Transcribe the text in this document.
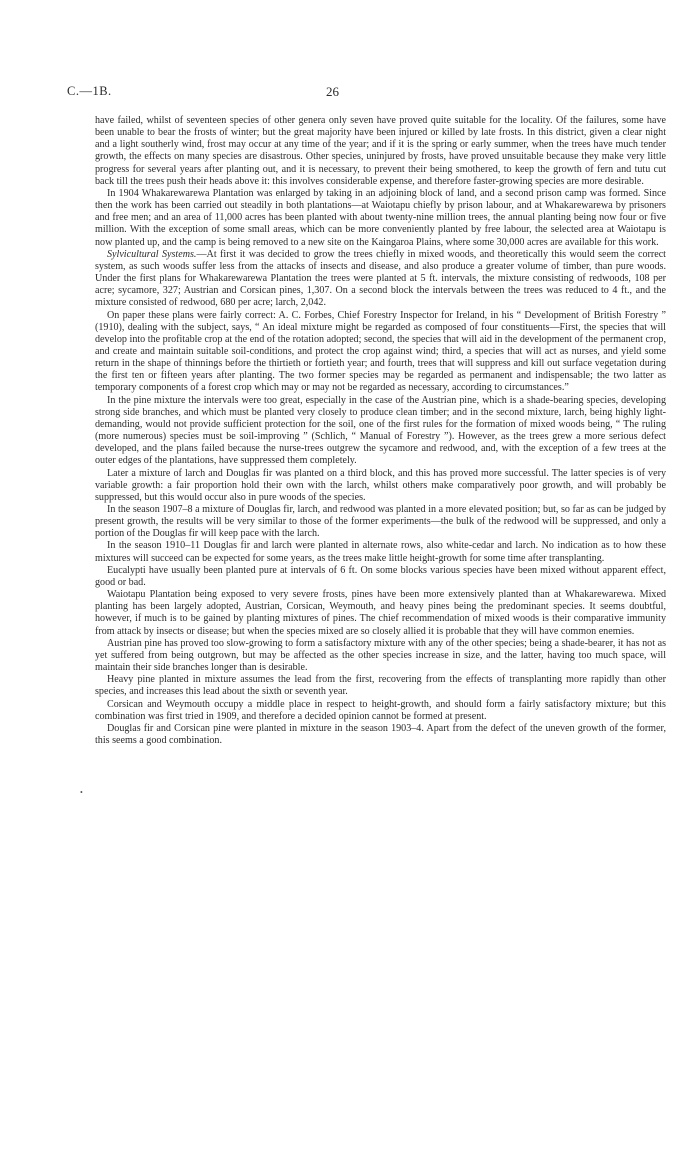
C.—1B.	26
•

have failed, whilst of seventeen species of other genera only seven have proved quite suitable for the locality. Of the failures, some have been unable to bear the frosts of winter; but the great majority have been injured or killed by late frosts. In this district, given a clear night and a light southerly wind, frost may occur at any time of the year; and if it is the spring or early summer, when the trees have much tender growth, the effects on many species are disastrous. Other species, uninjured by frosts, have proved unsuitable because they make very little progress for several years after planting out, and it is necessary, to prevent their being smothered, to keep the growth of fern and tutu cut back till the trees push their heads above it: this involves considerable expense, and therefore faster-growing species are more desirable.

In 1904 Whakarewarewa Plantation was enlarged by taking in an adjoining block of land, and a second prison camp was formed. Since then the work has been carried out steadily in both plantations—at Waiotapu chiefly by prison labour, and at Whakarewarewa by prisoners and free men; and an area of 11,000 acres has been planted with about twenty-nine million trees, the annual planting being now four or five million. With the exception of some small areas, which can be more conveniently planted by free labour, the selected area at Waiotapu is now planted up, and the camp is being removed to a new site on the Kaingaroa Plains, where some 30,000 acres are available for this work.

Sylvicultural Systems.—At first it was decided to grow the trees chiefly in mixed woods, and theoretically this would seem the correct system, as such woods suffer less from the attacks of insects and disease, and also produce a greater volume of timber, than pure woods. Under the first plans for Whakarewarewa Plantation the trees were planted at 5 ft. intervals, the mixture consisting of redwoods, 108 per acre; sycamore, 327; Austrian and Corsican pines, 1,307. On a second block the intervals between the trees was reduced to 4 ft., and the mixture consisted of redwood, 680 per acre; larch, 2,042.

On paper these plans were fairly correct: A. C. Forbes, Chief Forestry Inspector for Ireland, in his “ Development of British Forestry ” (1910), dealing with the subject, says, “ An ideal mixture might be regarded as composed of four constituents—First, the species that will develop into the profitable crop at the end of the rotation adopted; second, the species that will aid in the development of the permanent crop, and create and maintain suitable soil-conditions, and protect the crop against wind; third, a species that will act as nurses, and yield some return in the shape of thinnings before the thirtieth or fortieth year; and fourth, trees that will suppress and kill out surface vegetation during the first ten or fifteen years after planting. The two former species may be regarded as permanent and indispensable; the two latter as temporary components of a forest crop which may or may not be regarded as necessary, according to circumstances.”

In the pine mixture the intervals were too great, especially in the case of the Austrian pine, which is a shade-bearing species, developing strong side branches, and which must be planted very closely to produce clean timber; and in the second mixture, larch, being highly light-demanding, would not provide sufficient protection for the soil, one of the first rules for the formation of mixed woods being, “ The ruling (more numerous) species must be soil-improving ” (Schlich, “ Manual of Forestry ”). However, as the trees grew a more serious defect developed, and the plans failed because the nurse-trees outgrew the sycamore and redwood, and, with the exception of a few trees at the outer edges of the plantations, have suppressed them completely.

Later a mixture of larch and Douglas fir was planted on a third block, and this has proved more successful. The latter species is of very variable growth: a fair proportion hold their own with the larch, whilst others make comparatively poor growth, and will probably be suppressed, but this would occur also in pure woods of the species.

In the season 1907–8 a mixture of Douglas fir, larch, and redwood was planted in a more elevated position; but, so far as can be judged by present growth, the results will be very similar to those of the former experiments—the bulk of the redwood will be suppressed, and only a portion of the Douglas fir will keep pace with the larch.

In the season 1910–11 Douglas fir and larch were planted in alternate rows, also white-cedar and larch. No indication as to how these mixtures will succeed can be expected for some years, as the trees make little height-growth for some time after transplanting.

Eucalypti have usually been planted pure at intervals of 6 ft. On some blocks various species have been mixed without apparent effect, good or bad.

Waiotapu Plantation being exposed to very severe frosts, pines have been more extensively planted than at Whakarewarewa. Mixed planting has been largely adopted, Austrian, Corsican, Weymouth, and heavy pines being the predominant species. It seems doubtful, however, if much is to be gained by planting mixtures of pines. The chief recommendation of mixed woods is their comparative immunity from attack by insects or disease; but when the species mixed are so closely allied it is probable that they will have common enemies.

Austrian pine has proved too slow-growing to form a satisfactory mixture with any of the other species; being a shade-bearer, it has not as yet suffered from being outgrown, but may be affected as the other species increase in size, and the latter, having too much space, will maintain their side branches longer than is desirable.

Heavy pine planted in mixture assumes the lead from the first, recovering from the effects of transplanting more rapidly than other species, and increases this lead about the sixth or seventh year.

Corsican and Weymouth occupy a middle place in respect to height-growth, and should form a fairly satisfactory mixture; but this combination was first tried in 1909, and therefore a decided opinion cannot be formed at present.

Douglas fir and Corsican pine were planted in mixture in the season 1903–4. Apart from the defect of the uneven growth of the former, this seems a good combination.
